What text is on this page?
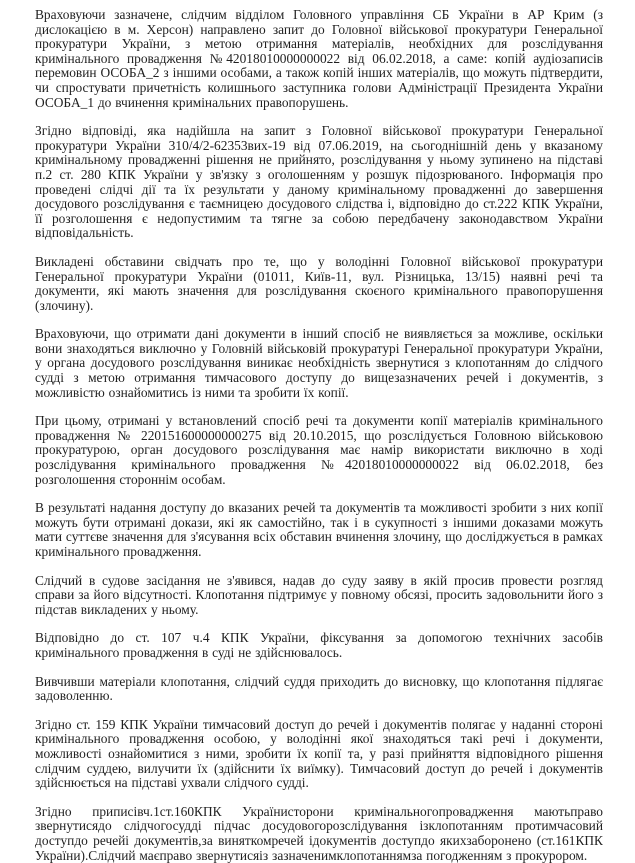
Враховуючи зазначене, слідчим відділом Головного управління СБ України в АР Крим (з дислокацією в м. Херсон) направлено запит до Головної військової прокуратури Генеральної прокуратури України, з метою отримання матеріалів, необхідних для розслідування кримінального провадження №42018010000000022 від 06.02.2018, а саме: копій аудіозаписів перемовин ОСОБА_2 з іншими особами, а також копій інших матеріалів, що можуть підтвердити, чи спростувати причетність колишнього заступника голови Адміністрації Президента України ОСОБА_1 до вчинення кримінальних правопорушень.

Згідно відповіді, яка надійшла на запит з Головної військової прокуратури Генеральної прокуратури України 310/4/2-62353вих-19 від 07.06.2019, на сьогоднішній день у вказаному кримінальному провадженні рішення не прийнято, розслідування у ньому зупинено на підставі п.2 ст. 280 КПК України у зв'язку з оголошенням у розшук підозрюваного. Інформація про проведені слідчі дії та їх результати у даному кримінальному провадженні до завершення досудового розслідування є таємницею досудового слідства і, відповідно до ст.222 КПК України, її розголошення є недопустимим та тягне за собою передбачену законодавством України відповідальність.

Викладені обставини свідчать про те, що у володінні Головної військової прокуратури Генеральної прокуратури України (01011, Київ-11, вул. Різницька, 13/15) наявні речі та документи, які мають значення для розслідування скоєного кримінального правопорушення (злочину).

Враховуючи, що отримати дані документи в інший спосіб не виявляється за можливе, оскільки вони знаходяться виключно у Головній військовій прокуратурі Генеральної прокуратури України, у органа досудового розслідування виникає необхідність звернутися з клопотанням до слідчого судді з метою отримання тимчасового доступу до вищезазначених речей і документів, з можливістю ознайомитись із ними та зробити їх копії.

При цьому, отримані у встановлений спосіб речі та документи копії матеріалів кримінального провадження № 220151600000000275 від 20.10.2015, що розслідується Головною військовою прокуратурою, орган досудового розслідування має намір використати виключно в ході розслідування кримінального провадження №42018010000000022 від 06.02.2018, без розголошення стороннім особам.

В результаті надання доступу до вказаних речей та документів та можливості зробити з них копії можуть бути отримані докази, які як самостійно, так і в сукупності з іншими доказами можуть мати суттєве значення для з'ясування всіх обставин вчинення злочину, що досліджується в рамках кримінального провадження.

Слідчий в судове засідання не з'явився, надав до суду заяву в якій просив провести розгляд справи за його відсутності. Клопотання підтримує у повному обсязі, просить задовольнити його з підстав викладених у ньому.

Відповідно до ст. 107 ч.4 КПК України, фіксування за допомогою технічних засобів кримінального провадження в суді не здійснювалось.

Вивчивши матеріали клопотання, слідчий суддя приходить до висновку, що клопотання підлягає задоволенню.

Згідно ст. 159 КПК України тимчасовий доступ до речей і документів полягає у наданні стороні кримінального провадження особою, у володінні якої знаходяться такі речі і документи, можливості ознайомитися з ними, зробити їх копії та, у разі прийняття відповідного рішення слідчим суддею, вилучити їх (здійснити їх виїмку). Тимчасовий доступ до речей і документів здійснюється на підставі ухвали слідчого судді.

Згідно приписівч.1ст.160КПК Українисторони кримінальногопровадження маютьправо звернутисядо слідчогосудді підчас досудовогорозслідування ізклопотанням протимчасовий доступдо речейі документів,за виняткомречей ідокументів доступдо якихзаборонено (ст.161КПК України).Слідчий маєправо звернутисяіз зазначенимклопотаннямза погодженням з прокурором.
